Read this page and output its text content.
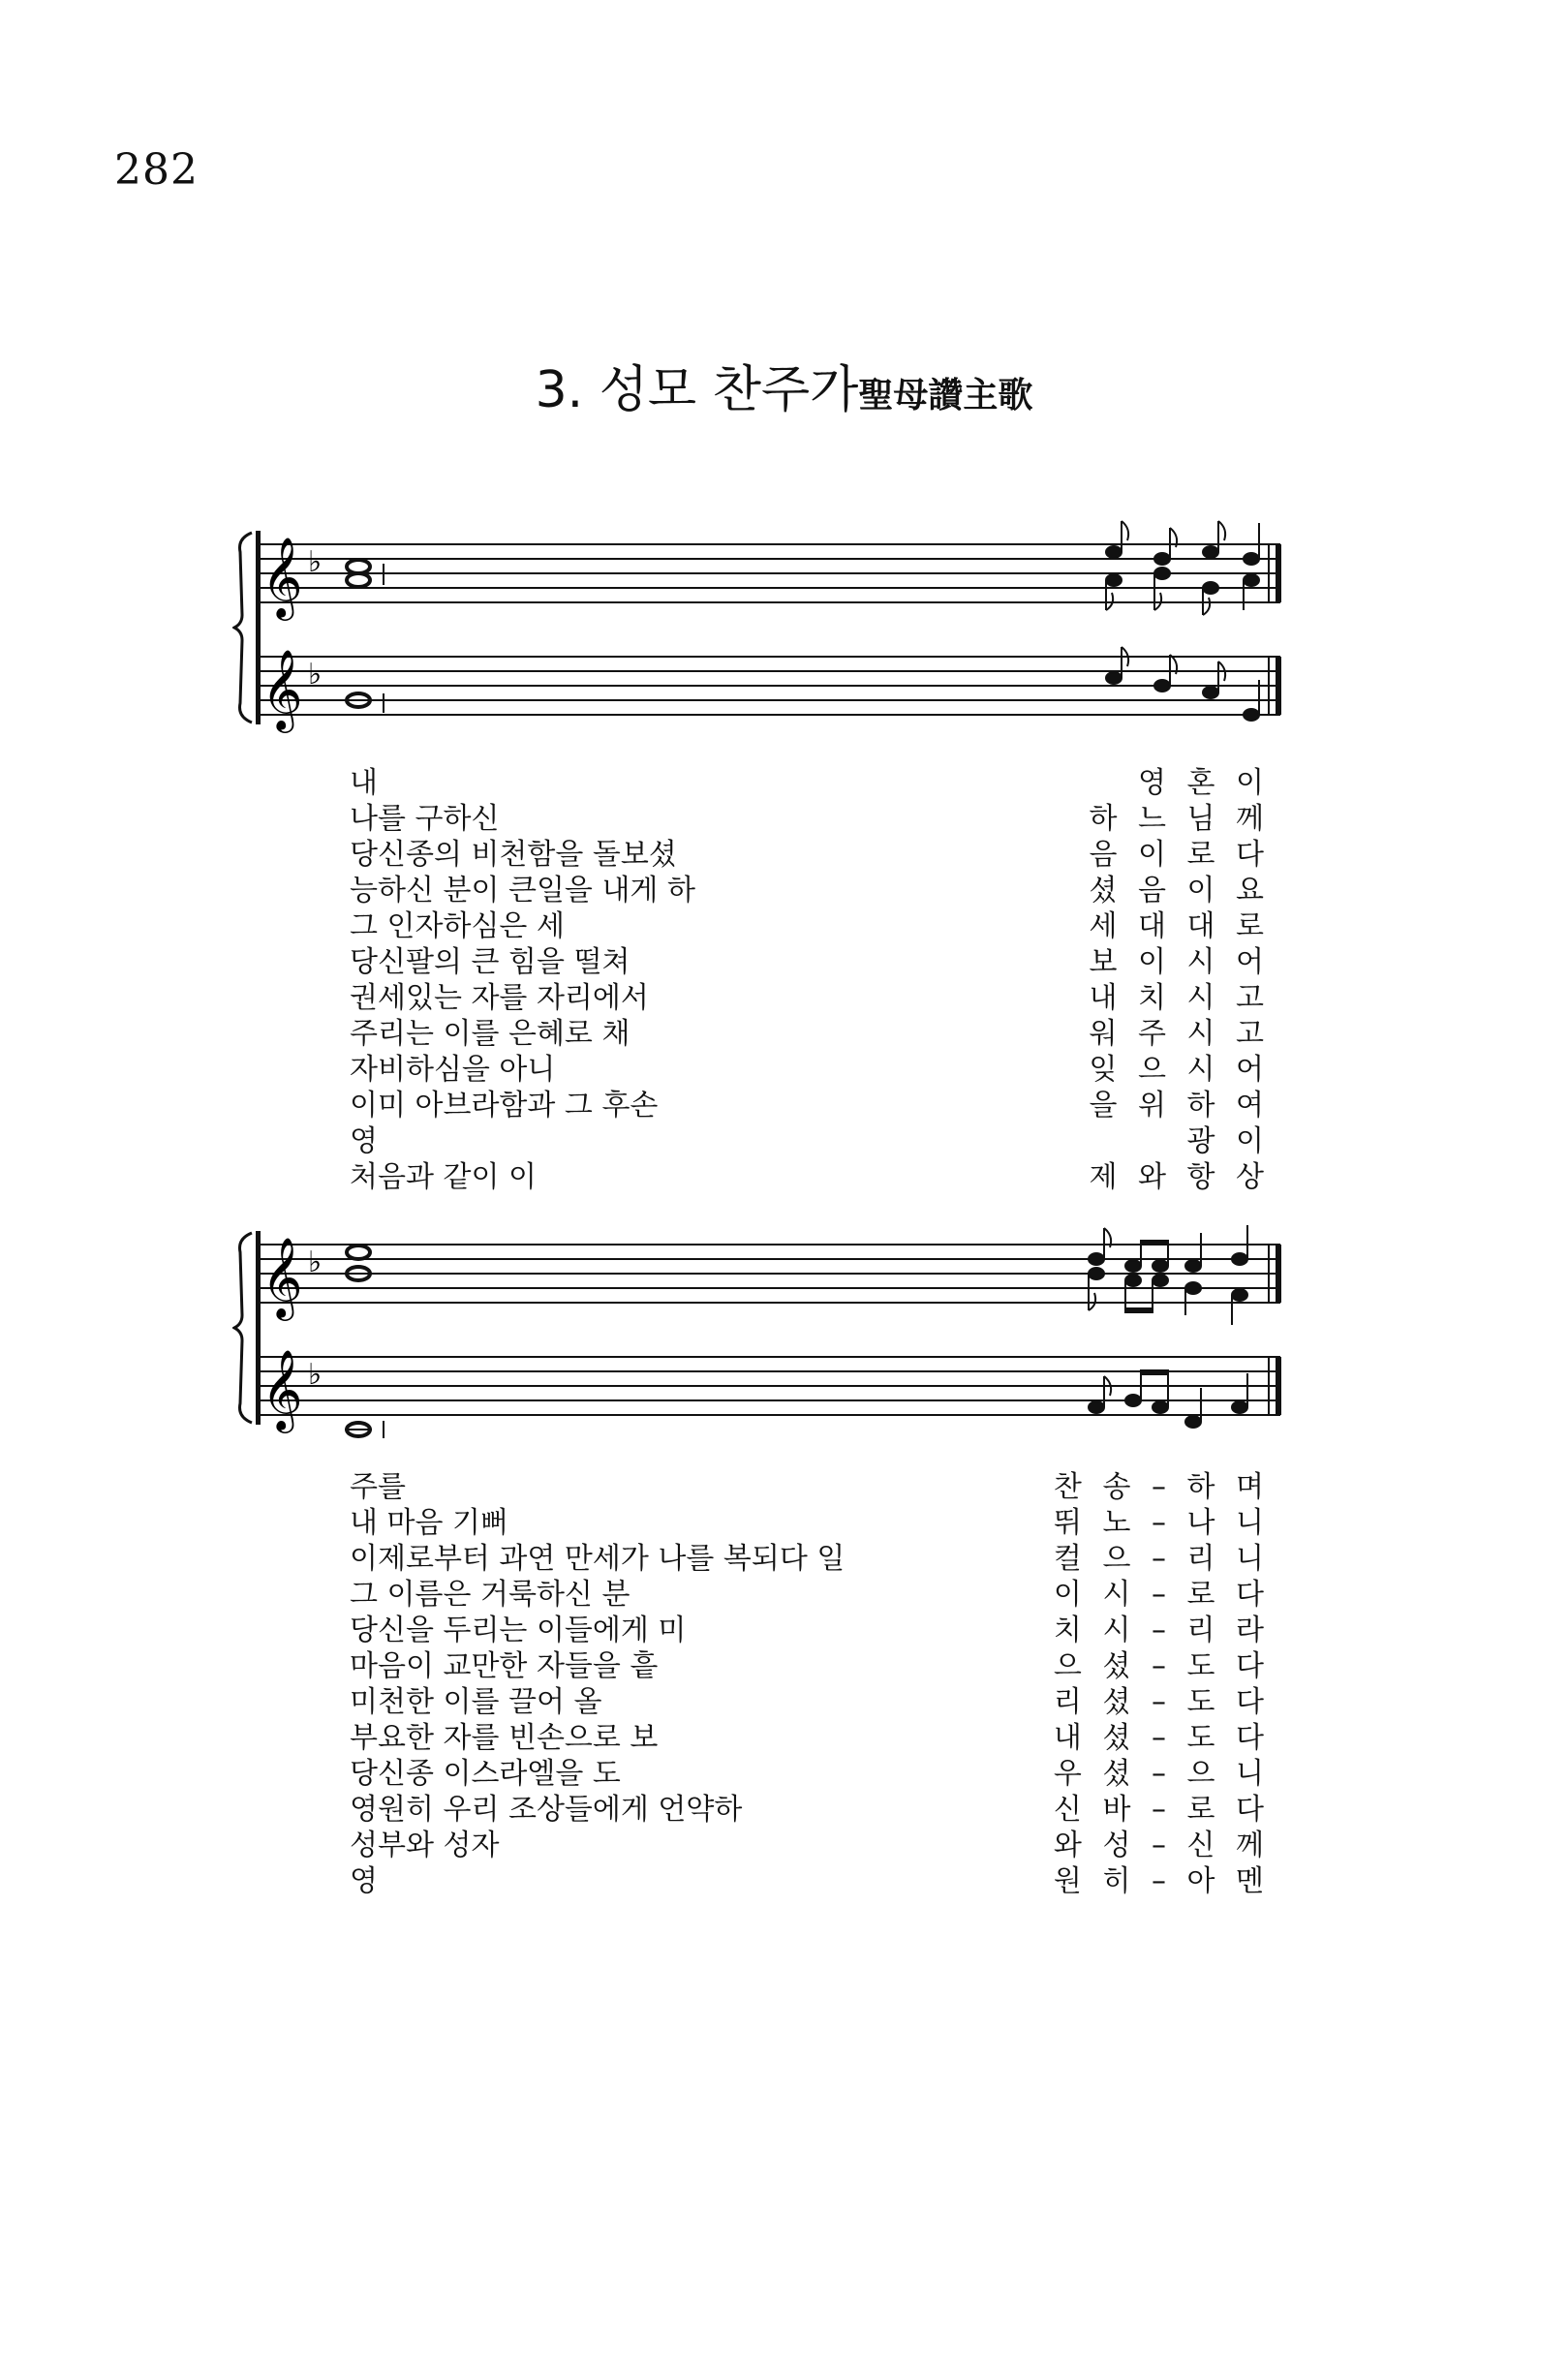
282
3. 성모 찬주가聖母讚主歌
𝄞 ♭
𝄞 ♭
내	영 혼 이
나를 구하신	하 느 님 께
당신종의 비천함을 돌보셨	음 이 로 다
능하신 분이 큰일을 내게 하	셨 음 이 요
그 인자하심은 세	세 대 대 로
당신팔의 큰 힘을 떨쳐	보 이 시 어
권세있는 자를 자리에서	내 치 시 고
주리는 이를 은혜로 채	워 주 시 고
자비하심을 아니	잊 으 시 어
이미 아브라함과 그 후손	을 위 하 여
영	광 이
처음과 같이 이	제 와 항 상
𝄞 ♭
𝄞 ♭
주를	찬 송 – 하 며
내 마음 기뻐	뛰 노 – 나 니
이제로부터 과연 만세가 나를 복되다 일	컬 으 – 리 니
그 이름은 거룩하신 분	이 시 – 로 다
당신을 두리는 이들에게 미	치 시 – 리 라
마음이 교만한 자들을 흩	으 셨 – 도 다
미천한 이를 끌어 올	리 셨 – 도 다
부요한 자를 빈손으로 보	내 셨 – 도 다
당신종 이스라엘을 도	우 셨 – 으 니
영원히 우리 조상들에게 언약하	신 바 – 로 다
성부와 성자	와 성 – 신 께
영	원 히 – 아 멘
